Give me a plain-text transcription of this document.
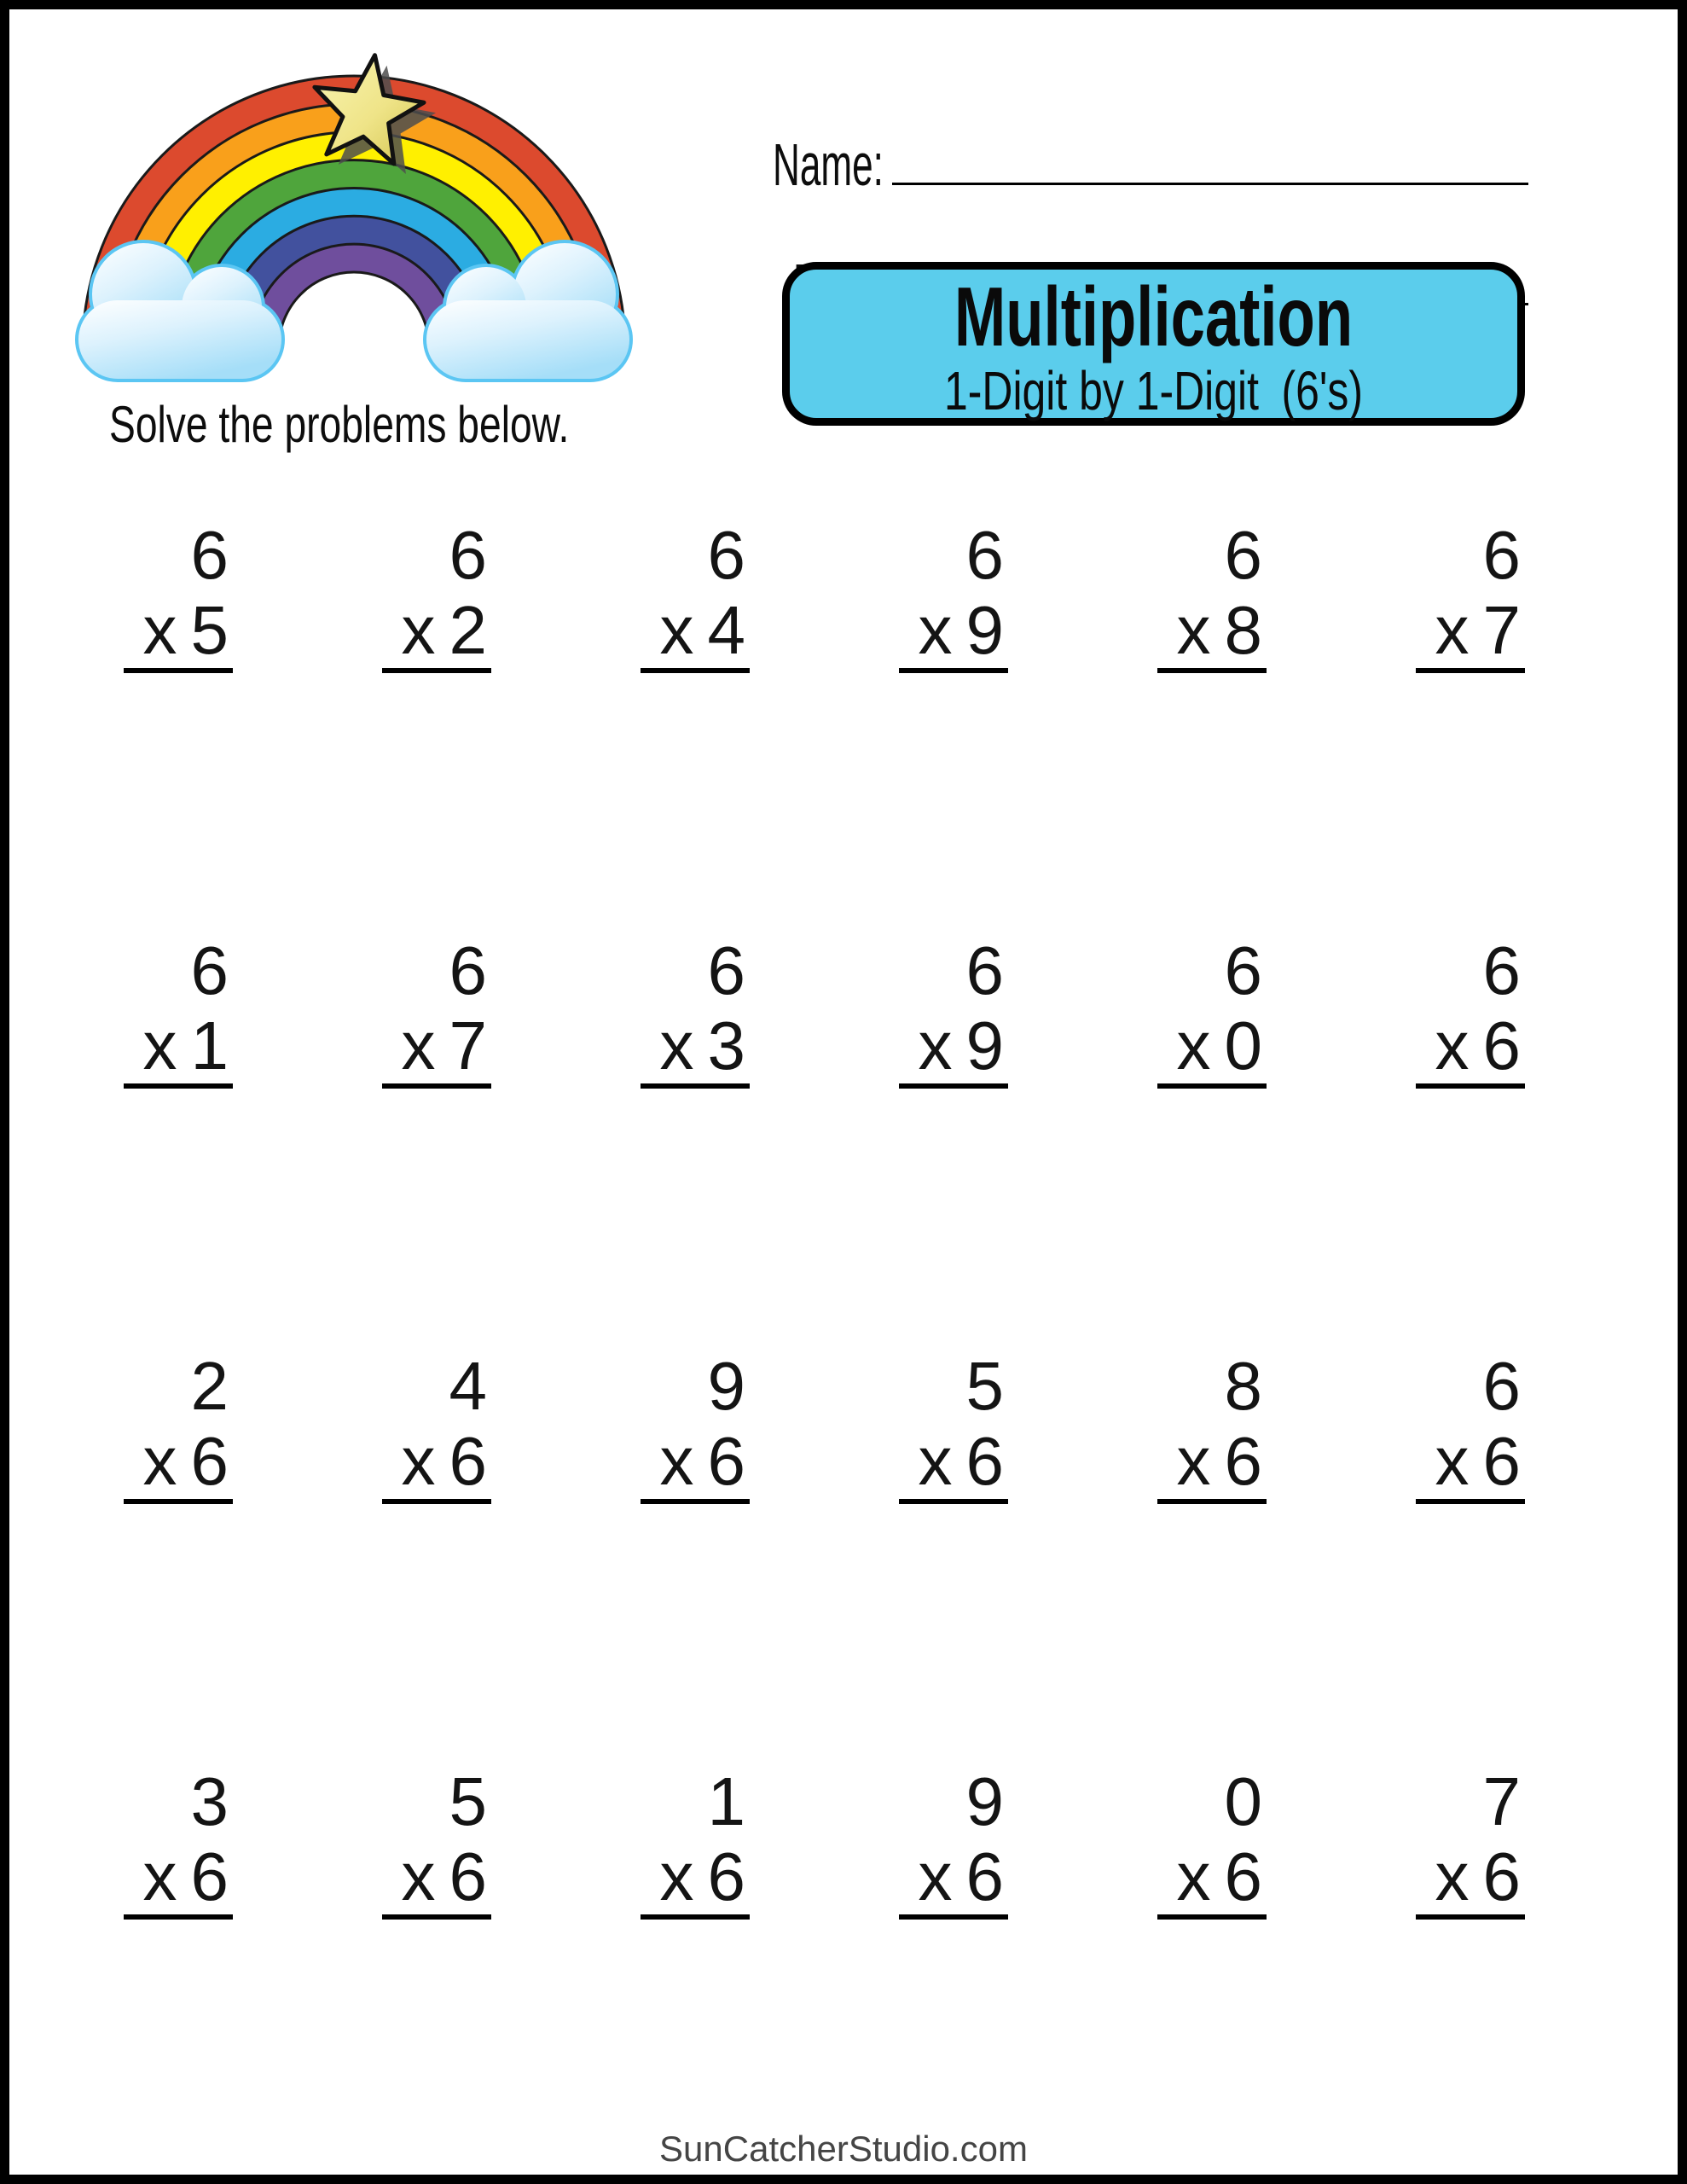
Solve the problems below.
Name:
Multiplication
1-Digit by 1-Digit (6's)
6
x 5
6
x 2
6
x 4
6
x 9
6
x 8
6
x 7
6
x 1
6
x 7
6
x 3
6
x 9
6
x 0
6
x 6
2
x 6
4
x 6
9
x 6
5
x 6
8
x 6
6
x 6
3
x 6
5
x 6
1
x 6
9
x 6
0
x 6
7
x 6
SunCatcherStudio.com
